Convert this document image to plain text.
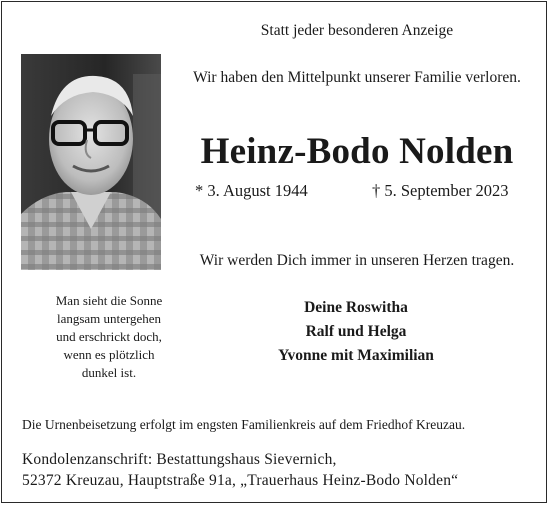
Statt jeder besonderen Anzeige
Wir haben den Mittelpunkt unserer Familie verloren.
Heinz-Bodo Nolden
* 3. August 1944	† 5. September 2023
Wir werden Dich immer in unseren Herzen tragen.
Man sieht die Sonne
langsam untergehen
und erschrickt doch,
wenn es plötzlich
dunkel ist.
Deine Roswitha
Ralf und Helga
Yvonne mit Maximilian
Die Urnenbeisetzung erfolgt im engsten Familienkreis auf dem Friedhof Kreuzau.
Kondolenzanschrift: Bestattungshaus Sievernich,
52372 Kreuzau, Hauptstraße 91a, „Trauerhaus Heinz-Bodo Nolden“
